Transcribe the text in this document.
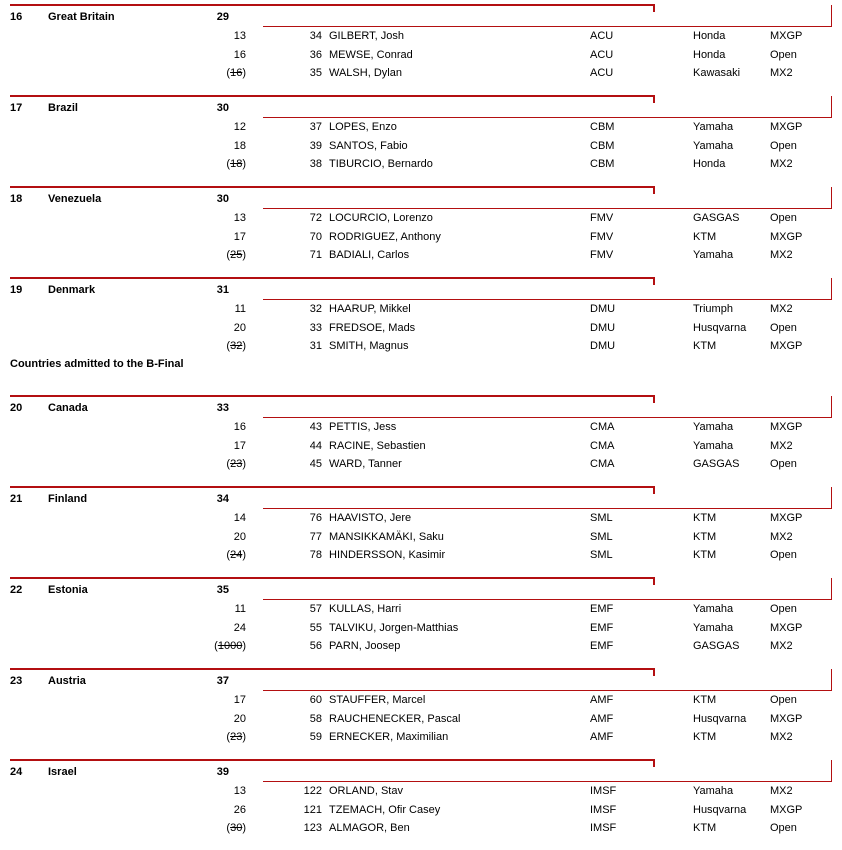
16 Great Britain	29
13	34 GILBERT, Josh	ACU	Honda	MXGP
16	36 MEWSE, Conrad	ACU	Honda	Open
(16)	35 WALSH, Dylan	ACU	Kawasaki	MX2
17 Brazil	30
12	37 LOPES, Enzo	CBM	Yamaha	MXGP
18	39 SANTOS, Fabio	CBM	Yamaha	Open
(18)	38 TIBURCIO, Bernardo	CBM	Honda	MX2
18 Venezuela	30
13	72 LOCURCIO, Lorenzo	FMV	GASGAS	Open
17	70 RODRIGUEZ, Anthony	FMV	KTM	MXGP
(25)	71 BADIALI, Carlos	FMV	Yamaha	MX2
19 Denmark	31
11	32 HAARUP, Mikkel	DMU	Triumph	MX2
20	33 FREDSOE, Mads	DMU	Husqvarna Open
(32)	31 SMITH, Magnus	DMU	KTM	MXGP
Countries admitted to the B-Final
20 Canada	33
16	43 PETTIS, Jess	CMA	Yamaha	MXGP
17	44 RACINE, Sebastien	CMA	Yamaha	MX2
(23)	45 WARD, Tanner	CMA	GASGAS	Open
21 Finland	34
14	76 HAAVISTO, Jere	SML	KTM	MXGP
20	77 MANSIKKAMÄKI, Saku	SML	KTM	MX2
(24)	78 HINDERSSON, Kasimir	SML	KTM	Open
22 Estonia	35
11	57 KULLAS, Harri	EMF	Yamaha	Open
24	55 TALVIKU, Jorgen-Matthias	EMF	Yamaha	MXGP
(1000)	56 PARN, Joosep	EMF	GASGAS	MX2
23 Austria	37
17	60 STAUFFER, Marcel	AMF	KTM	Open
20	58 RAUCHENECKER, Pascal	AMF	Husqvarna MXGP
(23)	59 ERNECKER, Maximilian	AMF	KTM	MX2
24 Israel	39
13	122 ORLAND, Stav	IMSF	Yamaha	MX2
26	121 TZEMACH, Ofir Casey	IMSF	Husqvarna MXGP
(30)	123 ALMAGOR, Ben	IMSF	KTM	Open
